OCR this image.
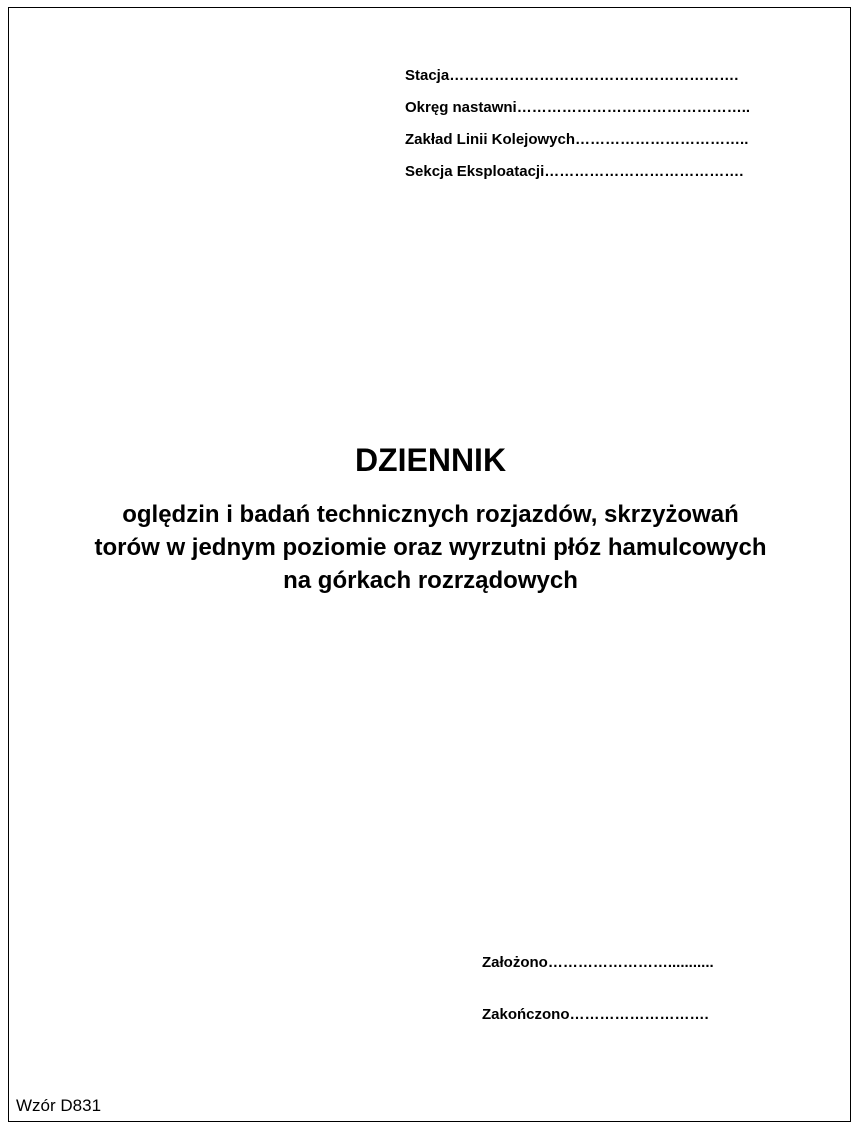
Stacja………………………………………………….
Okręg nastawni………………………………………..
Zakład Linii Kolejowych……………………………..
Sekcja Eksploatacji………………………………….
DZIENNIK

oględzin i badań technicznych rozjazdów, skrzyżowań
torów w jednym poziomie oraz wyrzutni płóz hamulcowych
na górkach rozrządowych

Założono……………………...........
Zakończono……………………….
Wzór D831
